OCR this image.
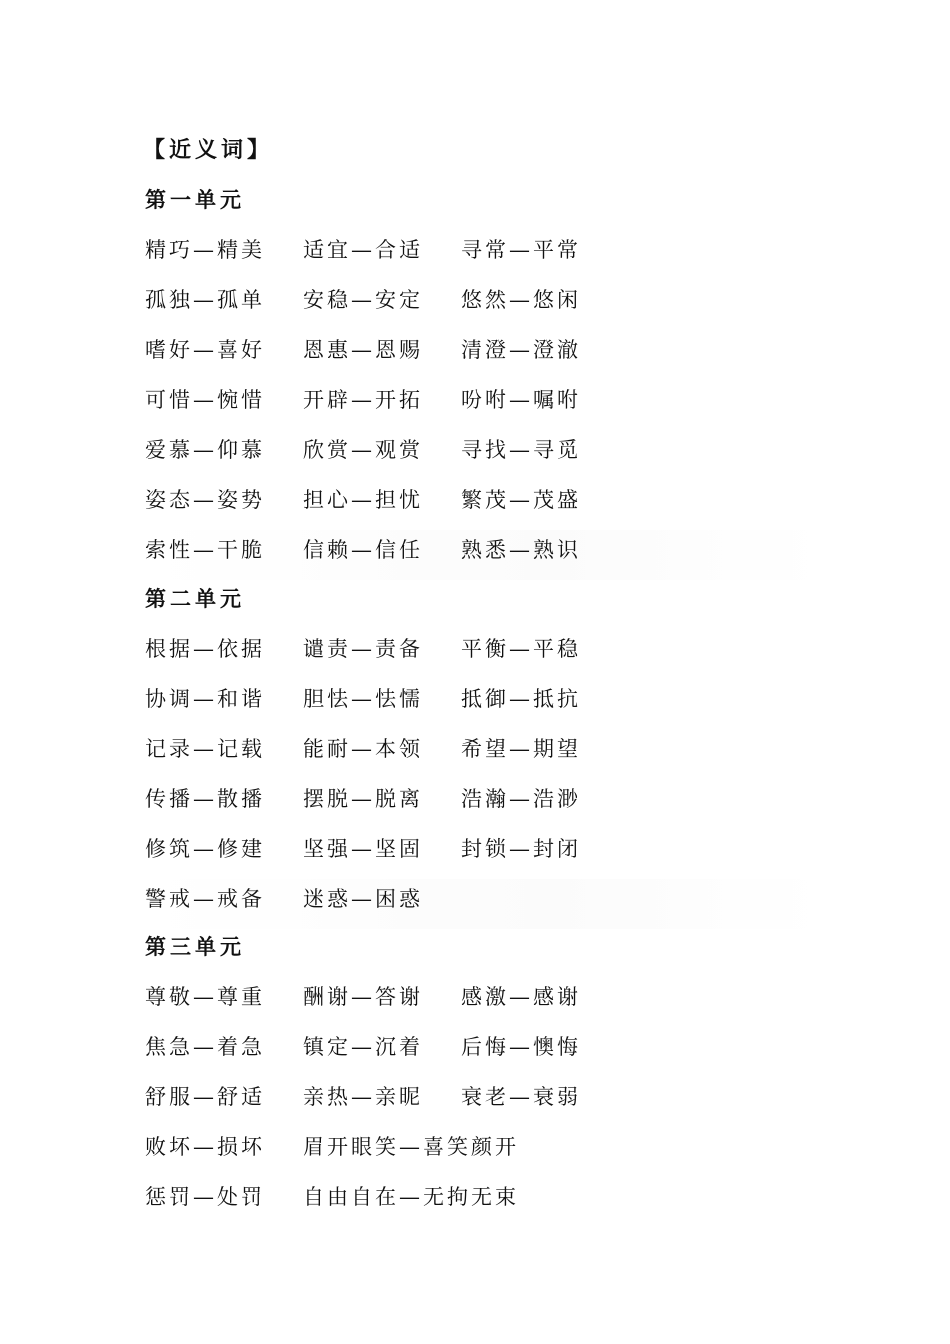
【近义词】
第一单元
精巧—精美	适宜—合适	寻常—平常
孤独—孤单	安稳—安定	悠然—悠闲
嗜好—喜好	恩惠—恩赐	清澄—澄澈
可惜—惋惜	开辟—开拓	吩咐—嘱咐
爱慕—仰慕	欣赏—观赏	寻找—寻觅
姿态—姿势	担心—担忧	繁茂—茂盛
索性—干脆	信赖—信任	熟悉—熟识
第二单元
根据—依据	谴责—责备	平衡—平稳
协调—和谐	胆怯—怯懦	抵御—抵抗
记录—记载	能耐—本领	希望—期望
传播—散播	摆脱—脱离	浩瀚—浩渺
修筑—修建	坚强—坚固	封锁—封闭
警戒—戒备	迷惑—困惑
第三单元
尊敬—尊重	酬谢—答谢	感激—感谢
焦急—着急	镇定—沉着	后悔—懊悔
舒服—舒适	亲热—亲昵	衰老—衰弱
败坏—损坏	眉开眼笑—喜笑颜开
惩罚—处罚	自由自在—无拘无束
